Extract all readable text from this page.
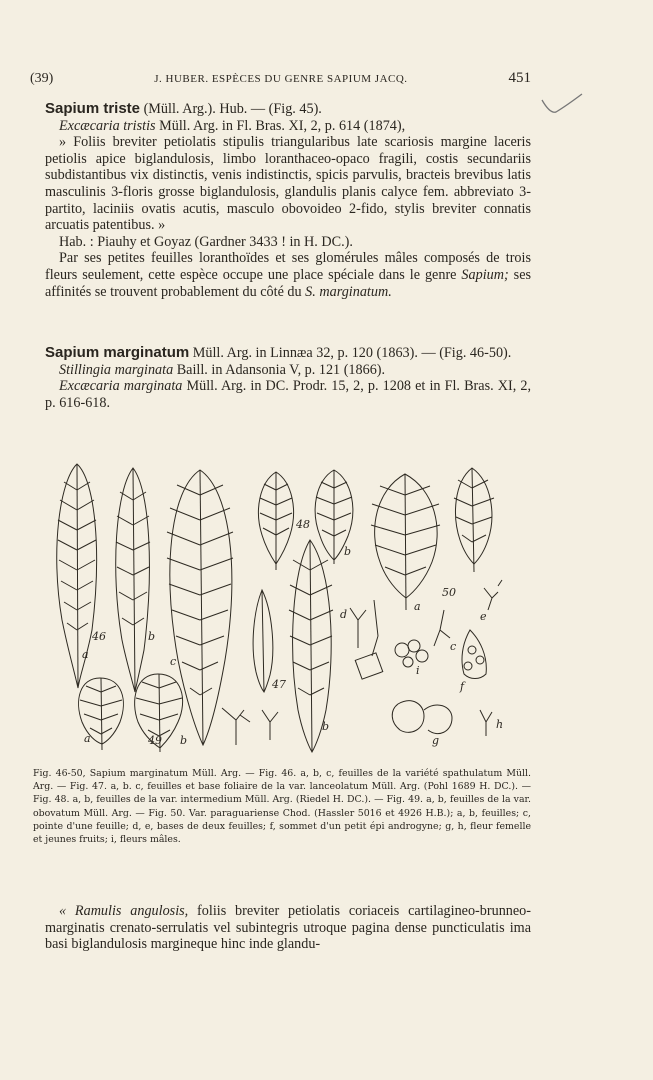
(39)	J. HUBER. ESPÈCES DU GENRE SAPIUM JACQ.	451

Sapium triste (Müll. Arg.). Hub. — (Fig. 45).

Excæcaria tristis Müll. Arg. in Fl. Bras. XI, 2, p. 614 (1874),

» Foliis breviter petiolatis stipulis triangularibus late scariosis margine laceris petiolis apice biglandulosis, limbo loranthaceo-opaco fragili, costis secundariis subdistantibus vix distinctis, venis indistinctis, spicis parvulis, bracteis brevibus latis masculinis 3-floris grosse biglandulosis, glandulis planis calyce fem. abbreviato 3-partito, laciniis ovatis acutis, masculo obovoideo 2-fido, stylis breviter connatis arcuatis patentibus. »

Hab. : Piauhy et Goyaz (Gardner 3433 ! in H. DC.).

Par ses petites feuilles loranthoïdes et ses glomérules mâles composés de trois fleurs seulement, cette espèce occupe une place spéciale dans le genre Sapium; ses affinités se trouvent probablement du côté du S. marginatum.

Sapium marginatum Müll. Arg. in Linnæa 32, p. 120 (1863). — (Fig. 46-50).

Stillingia marginata Baill. in Adansonia V, p. 121 (1866).

Excæcaria marginata Müll. Arg. in DC. Prodr. 15, 2, p. 1208 et in Fl. Bras. XI, 2, p. 616-618.

46
a
b
c
48
b
47
b
49
a	b
50
a
e
d
c
i
f
g
h

Fig. 46-50, Sapium marginatum Müll. Arg. — Fig. 46. a, b, c, feuilles de la variété spathulatum Müll. Arg. — Fig. 47. a, b. c, feuilles et base foliaire de la var. lanceolatum Müll. Arg. (Pohl 1689 H. DC.). — Fig. 48. a, b, feuilles de la var. intermedium Müll. Arg. (Riedel H. DC.). — Fig. 49. a, b, feuilles de la var. obovatum Müll. Arg. — Fig. 50. Var. paraguariense Chod. (Hassler 5016 et 4926 H.B.); a, b, feuilles; c, pointe d'une feuille; d, e, bases de deux feuilles; f, sommet d'un petit épi androgyne; g, h, fleur femelle et jeunes fruits; i, fleurs mâles.

« Ramulis angulosis, foliis breviter petiolatis coriaceis cartilagineo-brunneo-marginatis crenato-serrulatis vel subintegris utroque pagina dense puncticulatis ima basi biglandulosis margineque hinc inde glandu-
